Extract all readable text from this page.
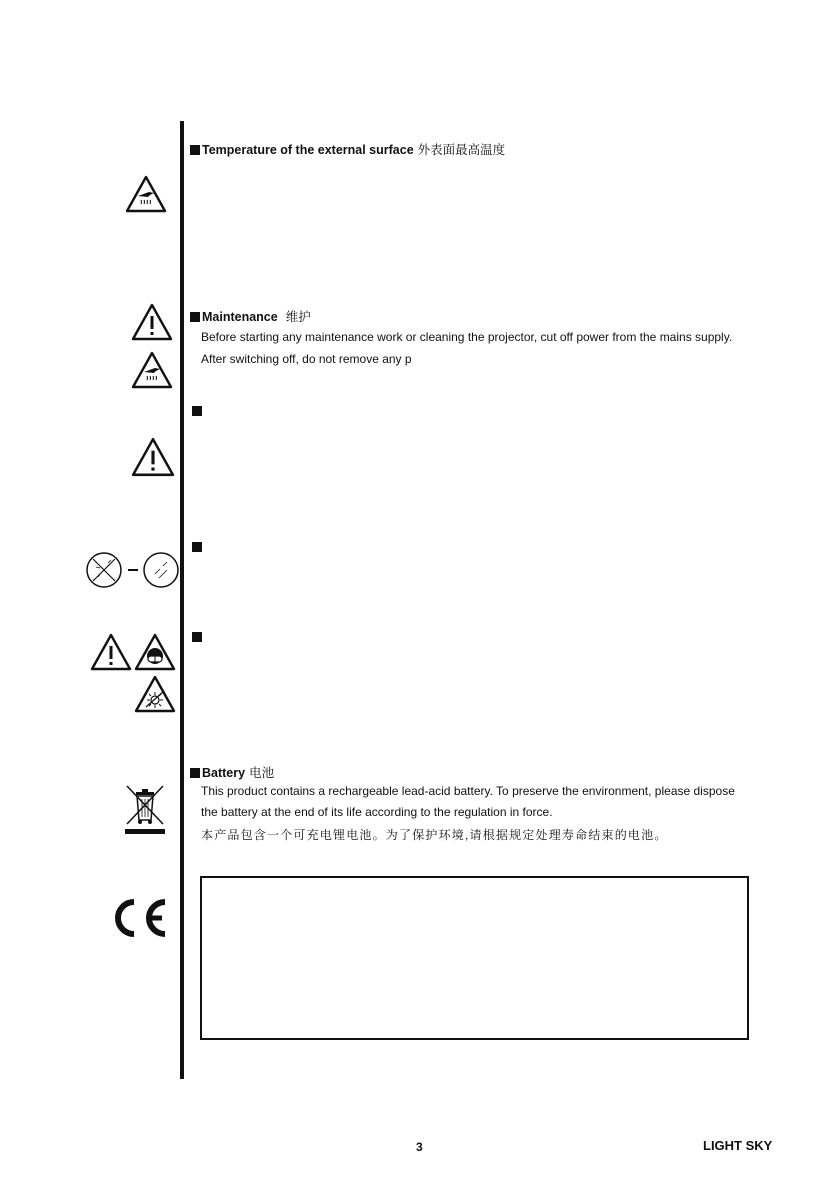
Temperature of the external surface 外表面最高温度
Maintenance 维护
Before starting any maintenance work or cleaning the projector, cut off power from the mains supply.
After switching off, do not remove any p
Battery 电池
This product contains a rechargeable lead-acid battery. To preserve the environment, please dispose
the battery at the end of its life according to the regulation in force.
本产品包含一个可充电锂电池。为了保护环境,请根据规定处理寿命结束的电池。
3	LIGHT SKY
